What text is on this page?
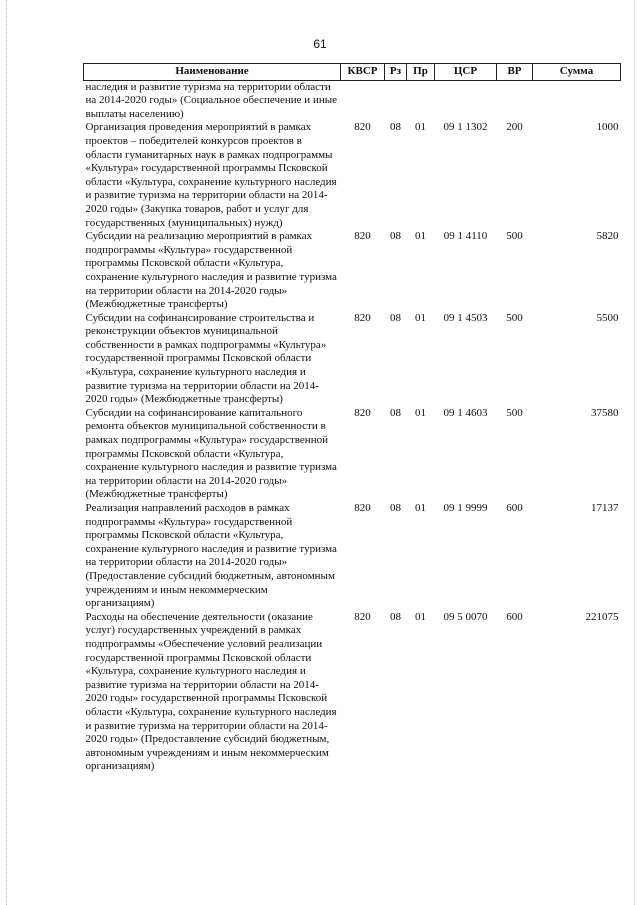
61
Наименование	КВСР	Рз	Пр	ЦСР	ВР	Сумма
наследия и развитие туризма на территории области на 2014-2020 годы» (Социальное обеспечение и иные выплаты населению)						
Организация проведения мероприятий в рамках проектов – победителей конкурсов проектов в области гуманитарных наук в рамках подпрограммы «Культура» государственной программы Псковской области «Культура, сохранение культурного наследия и развитие туризма на территории области на 2014-2020 годы» (Закупка товаров, работ и услуг для государственных (муниципальных) нужд)	820	08	01	09 1 1302	200	1000
Субсидии на реализацию мероприятий в рамках подпрограммы «Культура» государственной программы Псковской области «Культура, сохранение культурного наследия и развитие туризма на территории области на 2014-2020 годы» (Межбюджетные трансферты)	820	08	01	09 1 4110	500	5820
Субсидии на софинансирование строительства и реконструкции объектов муниципальной собственности в рамках подпрограммы «Культура» государственной программы Псковской области «Культура, сохранение культурного наследия и развитие туризма на территории области на 2014-2020 годы» (Межбюджетные трансферты)	820	08	01	09 1 4503	500	5500
Субсидии на софинансирование капитального ремонта объектов муниципальной собственности в рамках подпрограммы «Культура» государственной программы Псковской области «Культура, сохранение культурного наследия и развитие туризма на территории области на 2014-2020 годы» (Межбюджетные трансферты)	820	08	01	09 1 4603	500	37580
Реализация направлений расходов в рамках подпрограммы «Культура» государственной программы Псковской области «Культура, сохранение культурного наследия и развитие туризма на территории области на 2014-2020 годы» (Предоставление субсидий бюджетным, автономным учреждениям и иным некоммерческим организациям)	820	08	01	09 1 9999	600	17137
Расходы на обеспечение деятельности (оказание услуг) государственных учреждений в рамках подпрограммы «Обеспечение условий реализации государственной программы Псковской области «Культура, сохранение культурного наследия и развитие туризма на территории области на 2014-2020 годы» государственной программы Псковской области «Культура, сохранение культурного наследия и развитие туризма на территории области на 2014-2020 годы» (Предоставление субсидий бюджетным, автономным учреждениям и иным некоммерческим организациям)	820	08	01	09 5 0070	600	221075
